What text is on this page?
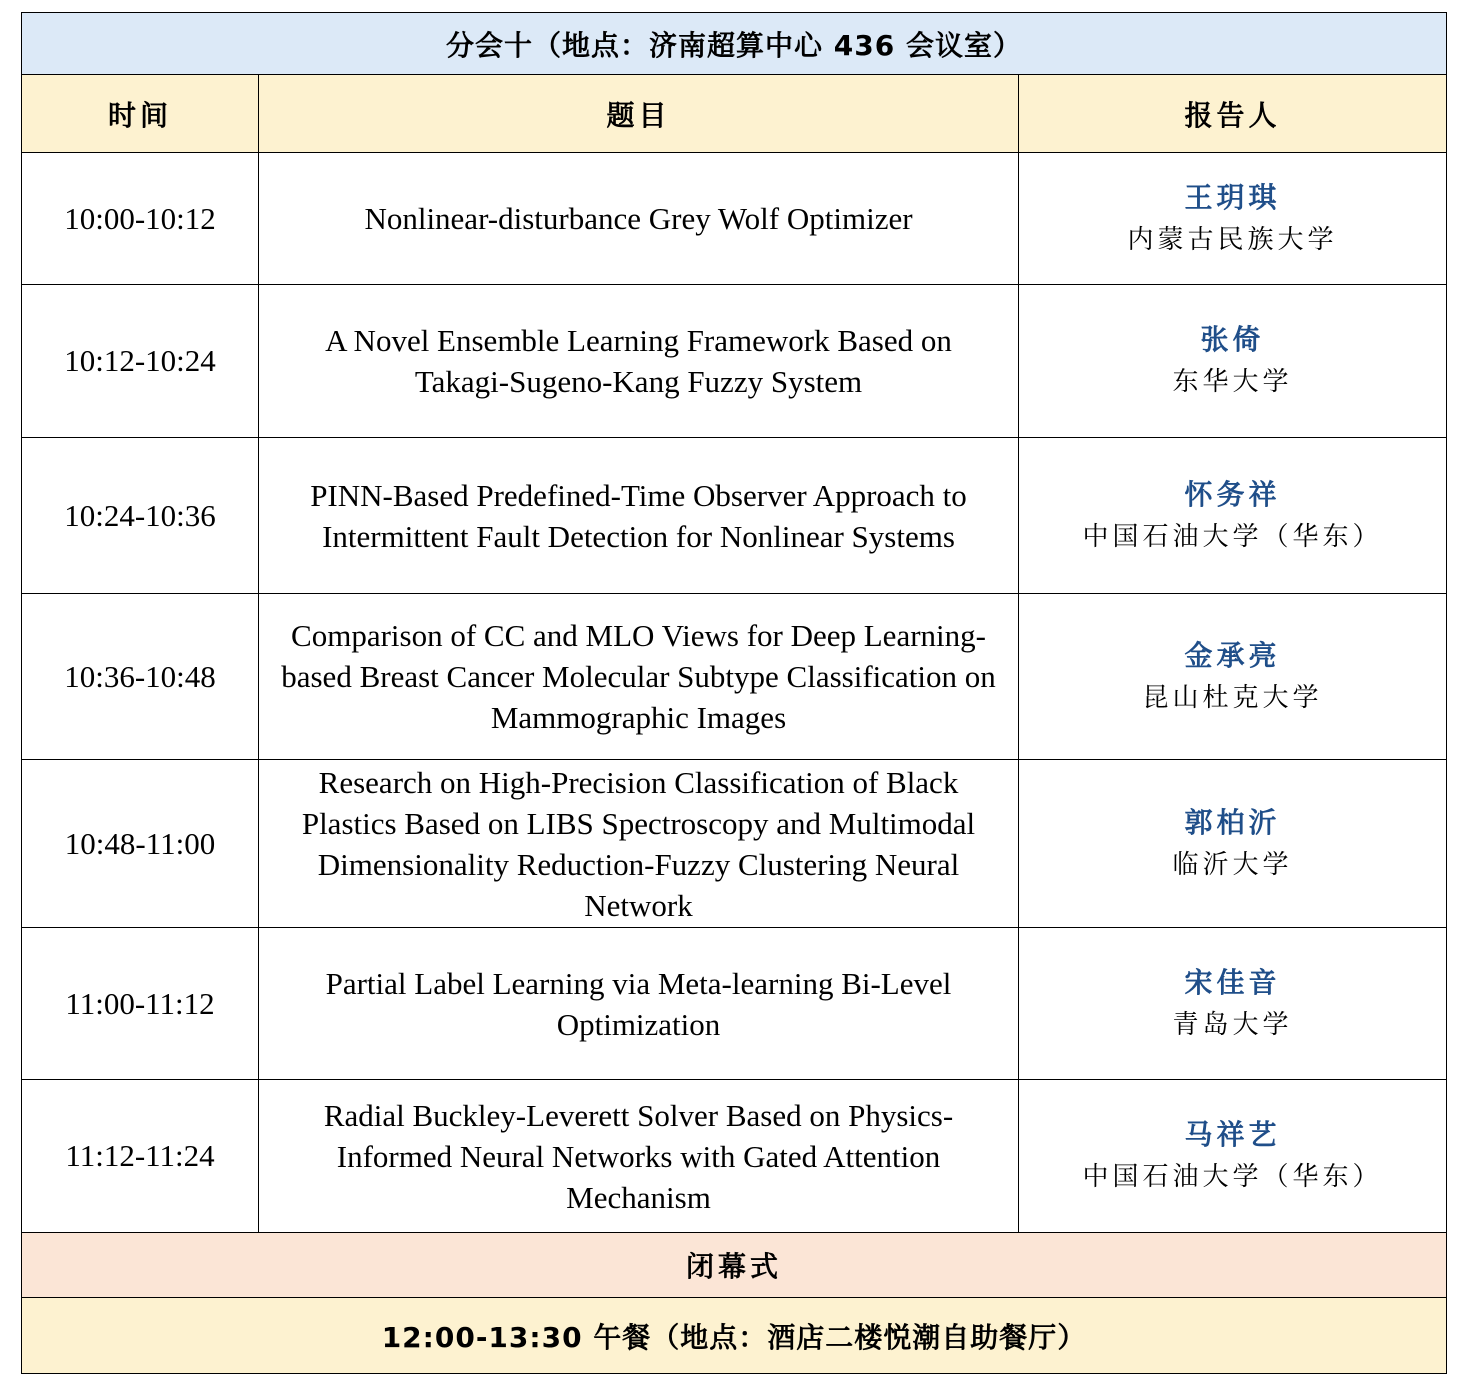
分会十（地点：济南超算中心 436 会议室）		
时间	题目	报告人
10:00-10:12	Nonlinear-disturbance Grey Wolf Optimizer	王玥琪
内蒙古民族大学

10:12-10:24	A Novel Ensemble Learning Framework Based on Takagi-Sugeno-Kang Fuzzy System	张倚
东华大学

10:24-10:36	PINN-Based Predefined-Time Observer Approach to Intermittent Fault Detection for Nonlinear Systems	怀务祥
中国石油大学（华东）

10:36-10:48	Comparison of CC and MLO Views for Deep Learning-based Breast Cancer Molecular Subtype Classification on Mammographic Images	金承亮
昆山杜克大学

10:48-11:00	Research on High-Precision Classification of Black Plastics Based on LIBS Spectroscopy and Multimodal Dimensionality Reduction-Fuzzy Clustering Neural Network	郭柏沂
临沂大学

11:00-11:12	Partial Label Learning via Meta-learning Bi-Level Optimization	宋佳音
青岛大学

11:12-11:24	Radial Buckley-Leverett Solver Based on Physics-Informed Neural Networks with Gated Attention Mechanism	马祥艺
中国石油大学（华东）

闭幕式		
12:00-13:30 午餐（地点：酒店二楼悦潮自助餐厅）		
